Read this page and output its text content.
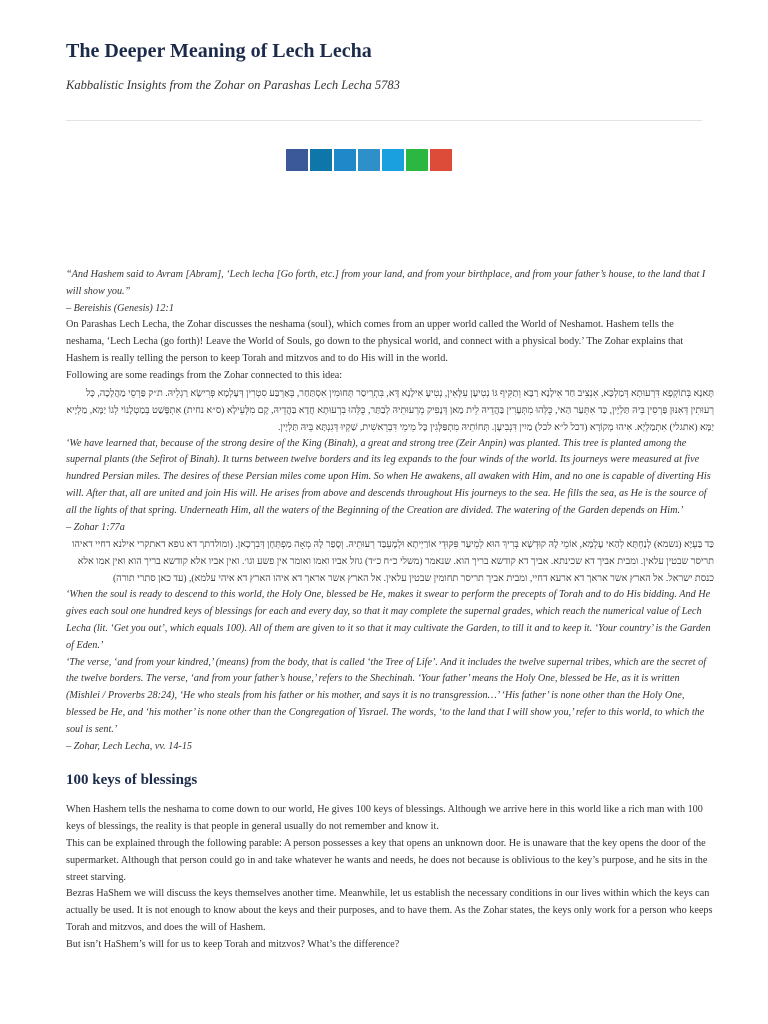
The Deeper Meaning of Lech Lecha

Kabbalistic Insights from the Zohar on Parashas Lech Lecha 5783

“And Hashem said to Avram [Abram], ‘Lech lecha [Go forth, etc.] from your land, and from your birthplace, and from your father’s house, to the land that I will show you.”

– Bereishis (Genesis) 12:1

On Parashas Lech Lecha, the Zohar discusses the neshama (soul), which comes from an upper world called the World of Neshamot. Hashem tells the neshama, ‘Lech Lecha (go forth)! Leave the World of Souls, go down to the physical world, and connect with a physical body.’ The Zohar explains that Hashem is really telling the person to keep Torah and mitzvos and to do His will in the world.

Following are some readings from the Zohar connected to this idea:

תָּאנָא בְּתוֹקְפָא דִּרְעוּתָא דְּמַלְכָּא, אִנְצִיב חַד אִילָנָא רַבָּא וְתַקִּיף גּוֹ נְטִיעָן עִלָּאִין, נְטִיעָ אִילָנָא דָּא, בִּתְרֵיסַר תְּחוּמִין אִסְתַּחַר, בְּאַרְבַּע סִטְרִין דְּעָלְמָא פְּרִישָׂא רַגְלֵיהּ. ת״ק פַּרְסֵי מַהֲלָכָה, כָּל רְעוּתִין דְּאִנּוּן פַּרְסִין בֵּיהּ תַּלְיָין, כַּד אִתְּעַר הַאי, כֻּלְּהוּ מִתְּעָרִין בַּהֲדֵיהּ לֵית מַאן דְּנָפִיק מֵרְעוּתֵיהּ לְבַתַּר, כֻּלְּהוּ בִרְעוּתָא חֲדָא בַּהֲדֵיהּ, קָם מִלְּעֵילָא (ס״א נחית) אִתְפָּשַׁט בְּמַטְלָנוֹי לְגוֹ יַמָּא, מַלְיָיא יַמָּא (אתגלי) אִתְמַלְיָא. אִיהוּ מְקוֹרָא (דכל ל״א לכל) מַיִין דִּנְבִיעָן. תְּחוֹתֵיהּ מִתְפַּלְּגִין כָּל מֵימֵי דִּבְרֵאשִׁית, שַׁקְיוּ דְּגִנְתָּא בֵּיהּ תַּלְיָין.

‘We have learned that, because of the strong desire of the King (Binah), a great and strong tree (Zeir Anpin) was planted. This tree is planted among the supernal plants (the Sefirot of Binah). It turns between twelve borders and its leg expands to the four winds of the world. Its journeys were measured at five hundred Persian miles. The desires of these Persian miles come upon Him. So when He awakens, all awaken with Him, and no one is capable of diverting His will. After that, all are united and join His will. He arises from above and descends throughout His journeys to the sea. He fills the sea, as He is the source of all the lights of that spring. Underneath Him, all the waters of the Beginning of the Creation are divided. The watering of the Garden depends on Him.’

– Zohar 1:77a

כַּד בַּעְיָא (נשמא) לְנַחְתָּא לְהַאי עָלְמָא, אוֹמֵי לָהּ קוּדְשָׁא בְּרִיךְ הוּא לְמֵיעַר פִּקּוּדֵי אוֹרַיְיתָא וּלְמֶעְבַּד רְעוּתֵיהּ. וְסָפַר לָהּ מְאָה מַפְתְּחָן דְּבִרְכָאן. (ומולדתך דא גופא דאתקרי אילנא דחיי דאיהו תריסר שבטין עלאין. ומבית אביך דא שכינתא. אביך דא קודשא בריך הוא. שנאמר (משלי כ״ח כ״ד) גוזל אביו ואמו ואומר אין פשע וגו׳. ואין אביו אלא קודשא בריך הוא ואין אמו אלא כנסת ישראל. אל הארץ אשר אראך דא ארעא דחיי, ומבית אביך תריסר תחומין שבטין עלאין. אל הארץ אשר אראך דא איהו הארץ דא איהי עלמא), (עד כאן סתרי תורה)

‘When the soul is ready to descend to this world, the Holy One, blessed be He, makes it swear to perform the precepts of Torah and to do His bidding. And He gives each soul one hundred keys of blessings for each and every day, so that it may complete the supernal grades, which reach the numerical value of Lech Lecha (lit. ‘Get you out’, which equals 100). All of them are given to it so that it may cultivate the Garden, to till it and to keep it. ‘Your country’ is the Garden of Eden.’

‘The verse, ‘and from your kindred,’ (means) from the body, that is called ‘the Tree of Life’. And it includes the twelve supernal tribes, which are the secret of the twelve borders. The verse, ‘and from your father’s house,’ refers to the Shechinah. ‘Your father’ means the Holy One, blessed be He, as it is written (Mishlei / Proverbs 28:24), ‘He who steals from his father or his mother, and says it is no transgression…’ ‘His father’ is none other than the Holy One, blessed be He, and ‘his mother’ is none other than the Congregation of Yisrael. The words, ‘to the land that I will show you,’ refer to this world, to which the soul is sent.’

– Zohar, Lech Lecha, vv. 14-15

100 keys of blessings

When Hashem tells the neshama to come down to our world, He gives 100 keys of blessings. Although we arrive here in this world like a rich man with 100 keys of blessings, the reality is that people in general usually do not remember and know it.

This can be explained through the following parable: A person possesses a key that opens an unknown door. He is unaware that the key opens the door of the supermarket. Although that person could go in and take whatever he wants and needs, he does not because is oblivious to the key’s purpose, and he sits in the street starving.

Bezras HaShem we will discuss the keys themselves another time. Meanwhile, let us establish the necessary conditions in our lives within which the keys can actually be used. It is not enough to know about the keys and their purposes, and to have them. As the Zohar states, the keys only work for a person who keeps Torah and mitzvos, and does the will of Hashem.

But isn’t HaShem’s will for us to keep Torah and mitzvos? What’s the difference?
